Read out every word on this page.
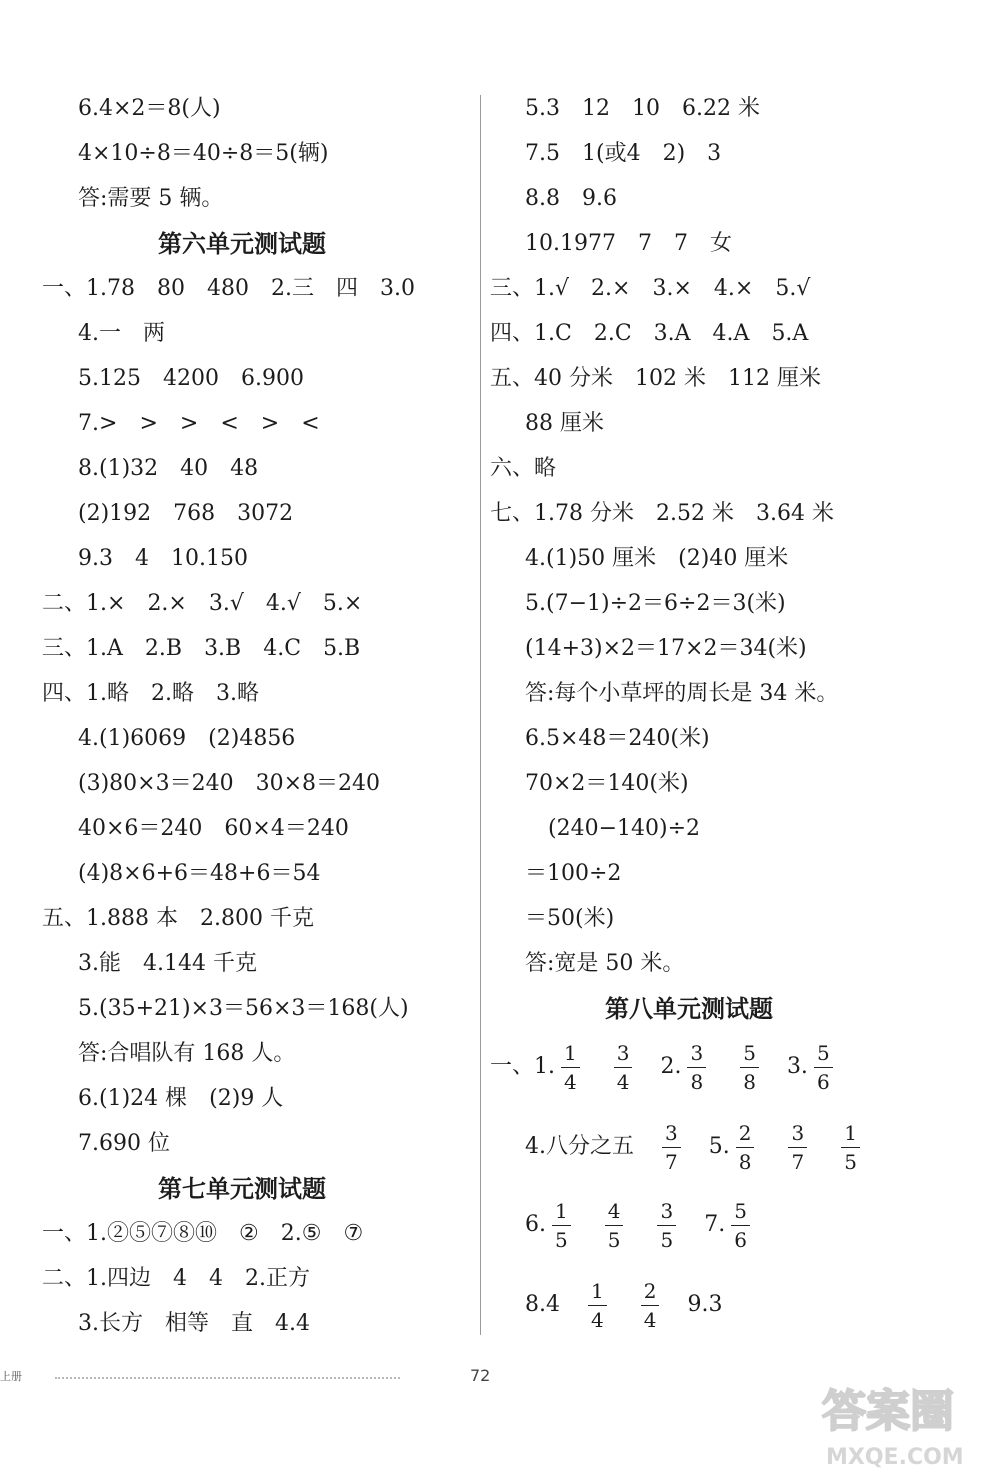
6.4×2＝8(人)
4×10÷8＝40÷8＝5(辆)
答:需要 5 辆。
第六单元测试题
一、1.78 80 480 2.三 四 3.0
4.一 两
5.125 4200 6.900
7.> > > < > <
8.(1)32 40 48
(2)192 768 3072
9.3 4 10.150
二、1.× 2.× 3.√ 4.√ 5.×
三、1.A 2.B 3.B 4.C 5.B
四、1.略 2.略 3.略
4.(1)6069 (2)4856
(3)80×3＝240 30×8＝240
40×6＝240 60×4＝240
(4)8×6+6＝48+6＝54
五、1.888 本 2.800 千克
3.能 4.144 千克
5.(35+21)×3＝56×3＝168(人)
答:合唱队有 168 人。
6.(1)24 棵 (2)9 人
7.690 位
第七单元测试题
一、1.②⑤⑦⑧⑩ ② 2.⑤ ⑦
二、1.四边 4 4 2.正方
3.长方 相等 直 4.4
5.3 12 10 6.22 米
7.5 1(或4 2) 3
8.8 9.6
10.1977 7 7 女
三、1.√ 2.× 3.× 4.× 5.√
四、1.C 2.C 3.A 4.A 5.A
五、40 分米 102 米 112 厘米
88 厘米
六、略
七、1.78 分米 2.52 米 3.64 米
4.(1)50 厘米 (2)40 厘米
5.(7−1)÷2＝6÷2＝3(米)
(14+3)×2＝17×2＝34(米)
答:每个小草坪的周长是 34 米。
6.5×48＝240(米)
70×2＝140(米)
(240−140)÷2
＝100÷2
＝50(米)
答:宽是 50 米。
第八单元测试题
一、1. $\frac{1}{4} \frac{3}{4} 2$. $\frac{3}{8} \frac{5}{8} 3$. $\frac{5}{6}$
4.八分之五 $\frac{3}{7} 5$. $\frac{2}{8} \frac{3}{7} \frac{1}{5}$
6. $\frac{1}{5} \frac{4}{5} \frac{3}{5} 7$. $\frac{5}{6}$
$8.4 \frac{1}{4} \frac{2}{4} 9.3$
上册	72
答案圈
MXQE.COM
